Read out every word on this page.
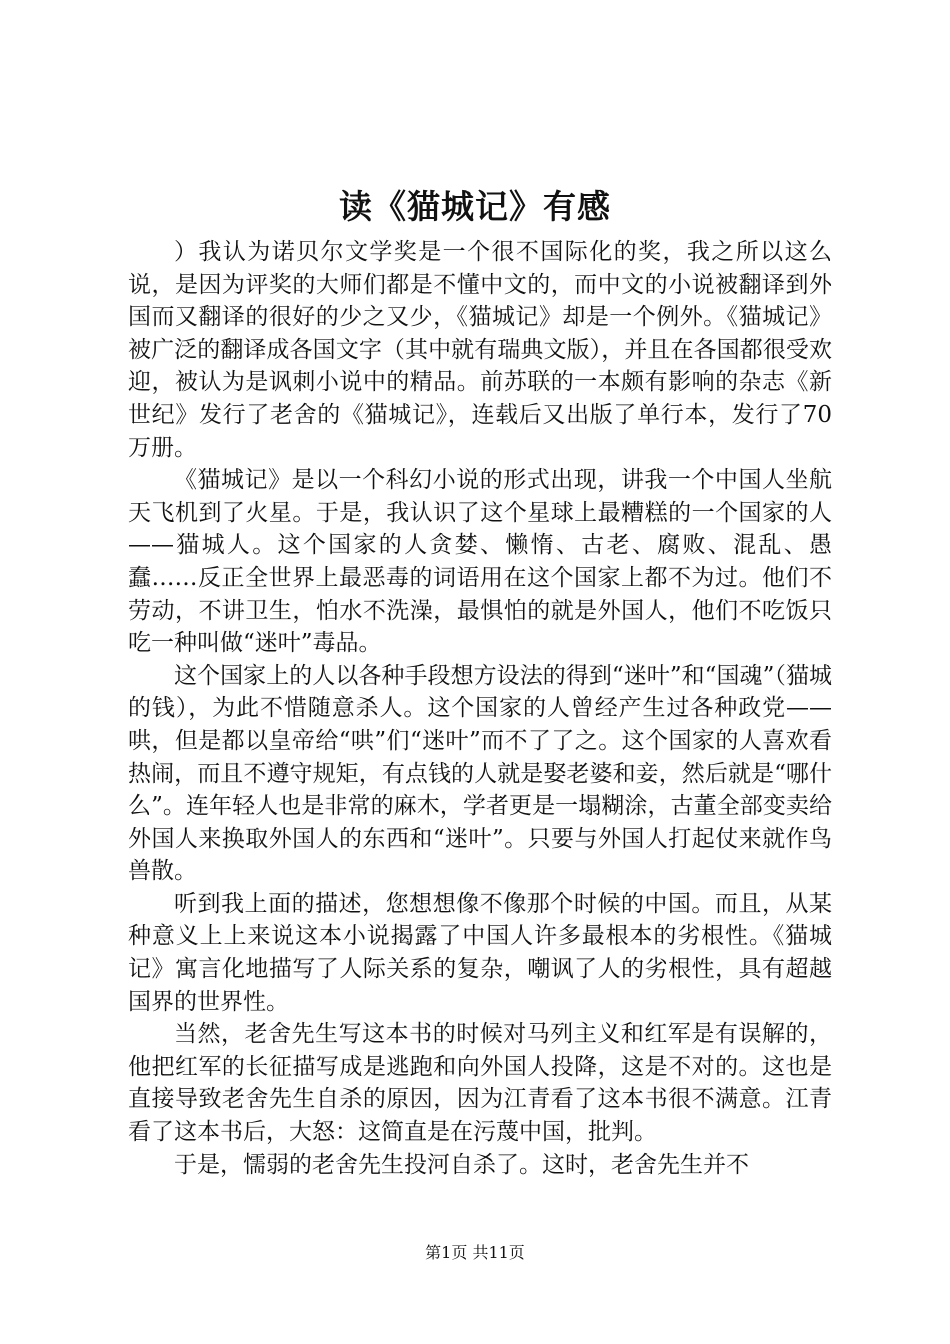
读《猫城记》有感

）我认为诺贝尔文学奖是一个很不国际化的奖，我之所以这么说，是因为评奖的大师们都是不懂中文的，而中文的小说被翻译到外国而又翻译的很好的少之又少，《猫城记》却是一个例外。《猫城记》被广泛的翻译成各国文字（其中就有瑞典文版），并且在各国都很受欢迎，被认为是讽刺小说中的精品。前苏联的一本颇有影响的杂志《新世纪》发行了老舍的《猫城记》，连载后又出版了单行本，发行了70万册。

《猫城记》是以一个科幻小说的形式出现，讲我一个中国人坐航天飞机到了火星。于是，我认识了这个星球上最糟糕的一个国家的人——猫城人。这个国家的人贪婪、懒惰、古老、腐败、混乱、愚蠢……反正全世界上最恶毒的词语用在这个国家上都不为过。他们不劳动，不讲卫生，怕水不洗澡，最惧怕的就是外国人，他们不吃饭只吃一种叫做“迷叶”毒品。

这个国家上的人以各种手段想方设法的得到“迷叶”和“国魂”（猫城的钱），为此不惜随意杀人。这个国家的人曾经产生过各种政党——哄，但是都以皇帝给“哄”们“迷叶”而不了了之。这个国家的人喜欢看热闹，而且不遵守规矩，有点钱的人就是娶老婆和妾，然后就是“哪什么”。连年轻人也是非常的麻木，学者更是一塌糊涂，古董全部变卖给外国人来换取外国人的东西和“迷叶”。只要与外国人打起仗来就作鸟兽散。

听到我上面的描述，您想想像不像那个时候的中国。而且，从某种意义上上来说这本小说揭露了中国人许多最根本的劣根性。《猫城记》寓言化地描写了人际关系的复杂，嘲讽了人的劣根性，具有超越国界的世界性。

当然，老舍先生写这本书的时候对马列主义和红军是有误解的，他把红军的长征描写成是逃跑和向外国人投降，这是不对的。这也是直接导致老舍先生自杀的原因，因为江青看了这本书很不满意。江青看了这本书后，大怒：这简直是在污蔑中国，批判。

于是，懦弱的老舍先生投河自杀了。这时，老舍先生并不

第1页 共11页
